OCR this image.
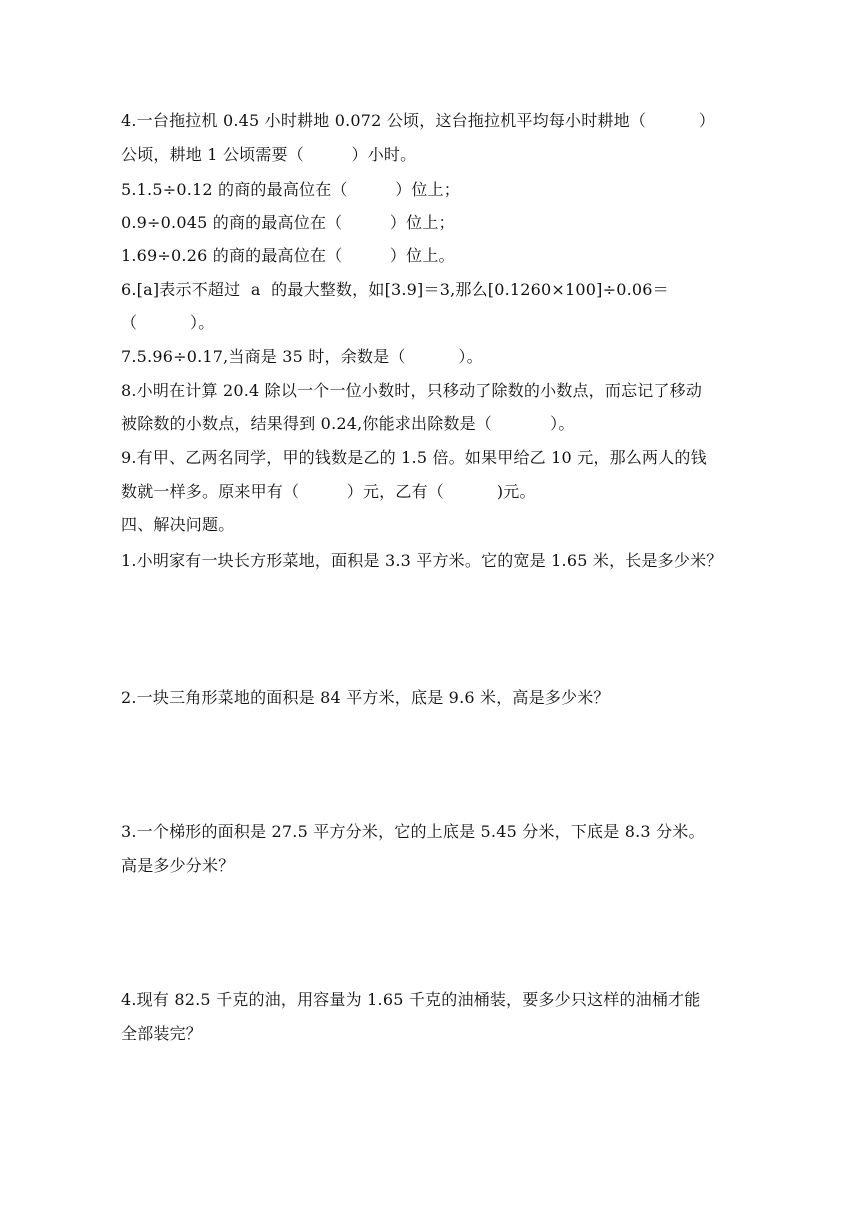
4.一台拖拉机 0.45 小时耕地 0.072 公顷，这台拖拉机平均每小时耕地（          ）
公顷，耕地 1 公顷需要（         ）小时。
5.1.5÷0.12 的商的最高位在（         ）位上；
0.9÷0.045 的商的最高位在（         ）位上；
1.69÷0.26 的商的最高位在（         ）位上。
6.[a]表示不超过  a  的最大整数，如[3.9]＝3,那么[0.1260×100]÷0.06＝
（          ）。
7.5.96÷0.17,当商是 35 时，余数是（          ）。
8.小明在计算 20.4 除以一个一位小数时，只移动了除数的小数点，而忘记了移动
被除数的小数点，结果得到 0.24,你能求出除数是（           ）。
9.有甲、乙两名同学，甲的钱数是乙的 1.5 倍。如果甲给乙 10 元，那么两人的钱
数就一样多。原来甲有（         ）元，乙有（          )元。
四、解决问题。
1.小明家有一块长方形菜地，面积是 3.3 平方米。它的宽是 1.65 米，长是多少米？
2.一块三角形菜地的面积是 84 平方米，底是 9.6 米，高是多少米？
3.一个梯形的面积是 27.5 平方分米，它的上底是 5.45 分米，下底是 8.3 分米。
高是多少分米？
4.现有 82.5 千克的油，用容量为 1.65 千克的油桶装，要多少只这样的油桶才能
全部装完？
